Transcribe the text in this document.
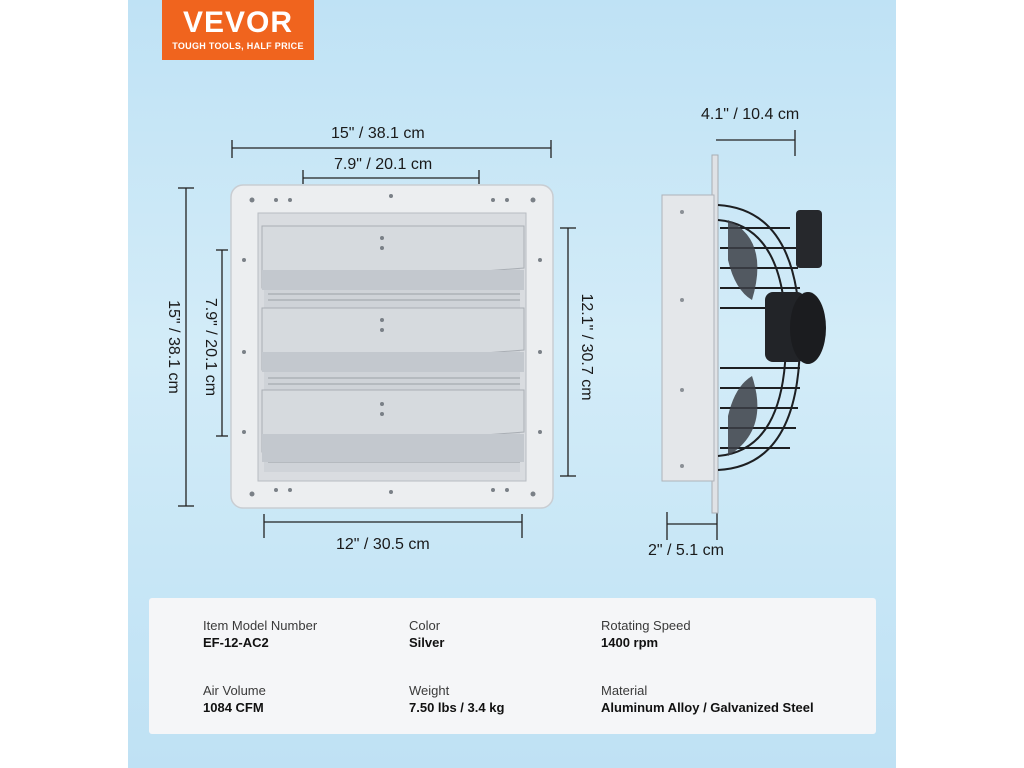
VEVOR
TOUGH TOOLS, HALF PRICE
15" / 38.1 cm
7.9" / 20.1 cm
15" / 38.1 cm 7.9" / 20.1 cm	12.1" / 30.7 cm
12" / 30.5 cm
4.1" / 10.4 cm
2" / 5.1 cm
Item Model Number
EF-12-AC2
Color
Silver
Rotating Speed
1400 rpm
Air Volume
1084 CFM
Weight
7.50 lbs / 3.4 kg
Material
Aluminum Alloy / Galvanized Steel
